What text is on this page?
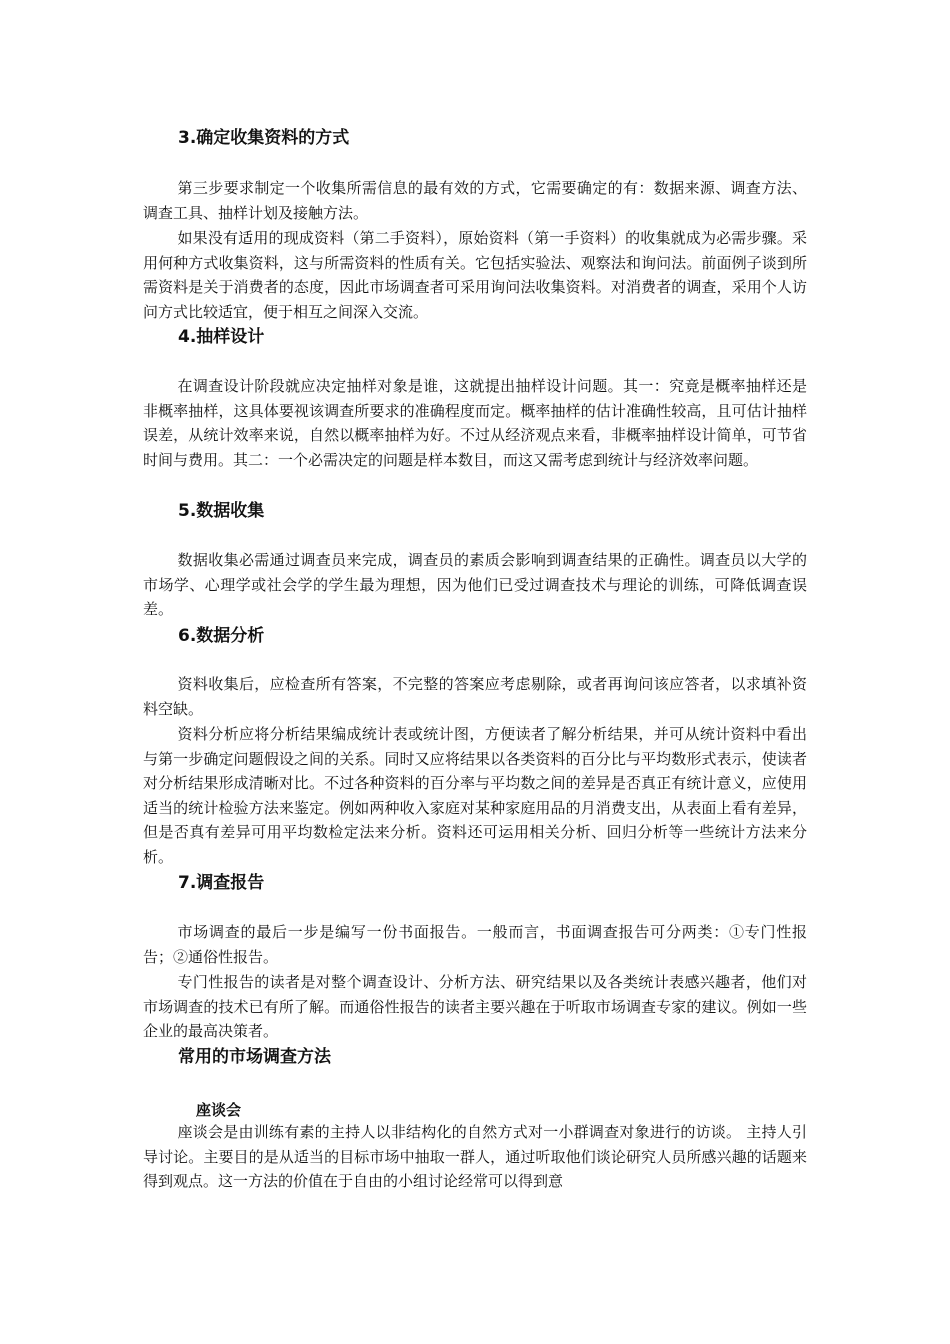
3.确定收集资料的方式

第三步要求制定一个收集所需信息的最有效的方式，它需要确定的有：数据来源、调查方法、调查工具、抽样计划及接触方法。

如果没有适用的现成资料（第二手资料），原始资料（第一手资料）的收集就成为必需步骤。采用何种方式收集资料，这与所需资料的性质有关。它包括实验法、观察法和询问法。前面例子谈到所需资料是关于消费者的态度，因此市场调查者可采用询问法收集资料。对消费者的调查，采用个人访问方式比较适宜，便于相互之间深入交流。

4.抽样设计

在调查设计阶段就应决定抽样对象是谁，这就提出抽样设计问题。其一：究竟是概率抽样还是非概率抽样，这具体要视该调查所要求的准确程度而定。概率抽样的估计准确性较高，且可估计抽样误差，从统计效率来说，自然以概率抽样为好。不过从经济观点来看，非概率抽样设计简单，可节省时间与费用。其二：一个必需决定的问题是样本数目，而这又需考虑到统计与经济效率问题。

5.数据收集

数据收集必需通过调查员来完成，调查员的素质会影响到调查结果的正确性。调查员以大学的市场学、心理学或社会学的学生最为理想，因为他们已受过调查技术与理论的训练，可降低调查误差。

6.数据分析

资料收集后，应检查所有答案，不完整的答案应考虑剔除，或者再询问该应答者，以求填补资料空缺。

资料分析应将分析结果编成统计表或统计图，方便读者了解分析结果，并可从统计资料中看出与第一步确定问题假设之间的关系。同时又应将结果以各类资料的百分比与平均数形式表示，使读者对分析结果形成清晰对比。不过各种资料的百分率与平均数之间的差异是否真正有统计意义，应使用适当的统计检验方法来鉴定。例如两种收入家庭对某种家庭用品的月消费支出，从表面上看有差异，但是否真有差异可用平均数检定法来分析。资料还可运用相关分析、回归分析等一些统计方法来分析。

7.调查报告

市场调查的最后一步是编写一份书面报告。一般而言，书面调查报告可分两类：①专门性报告；②通俗性报告。

专门性报告的读者是对整个调查设计、分析方法、研究结果以及各类统计表感兴趣者，他们对市场调查的技术已有所了解。而通俗性报告的读者主要兴趣在于听取市场调查专家的建议。例如一些企业的最高决策者。

常用的市场调查方法
座谈会

座谈会是由训练有素的主持人以非结构化的自然方式对一小群调查对象进行的访谈。 主持人引导讨论。主要目的是从适当的目标市场中抽取一群人，通过听取他们谈论研究人员所感兴趣的话题来得到观点。这一方法的价值在于自由的小组讨论经常可以得到意
